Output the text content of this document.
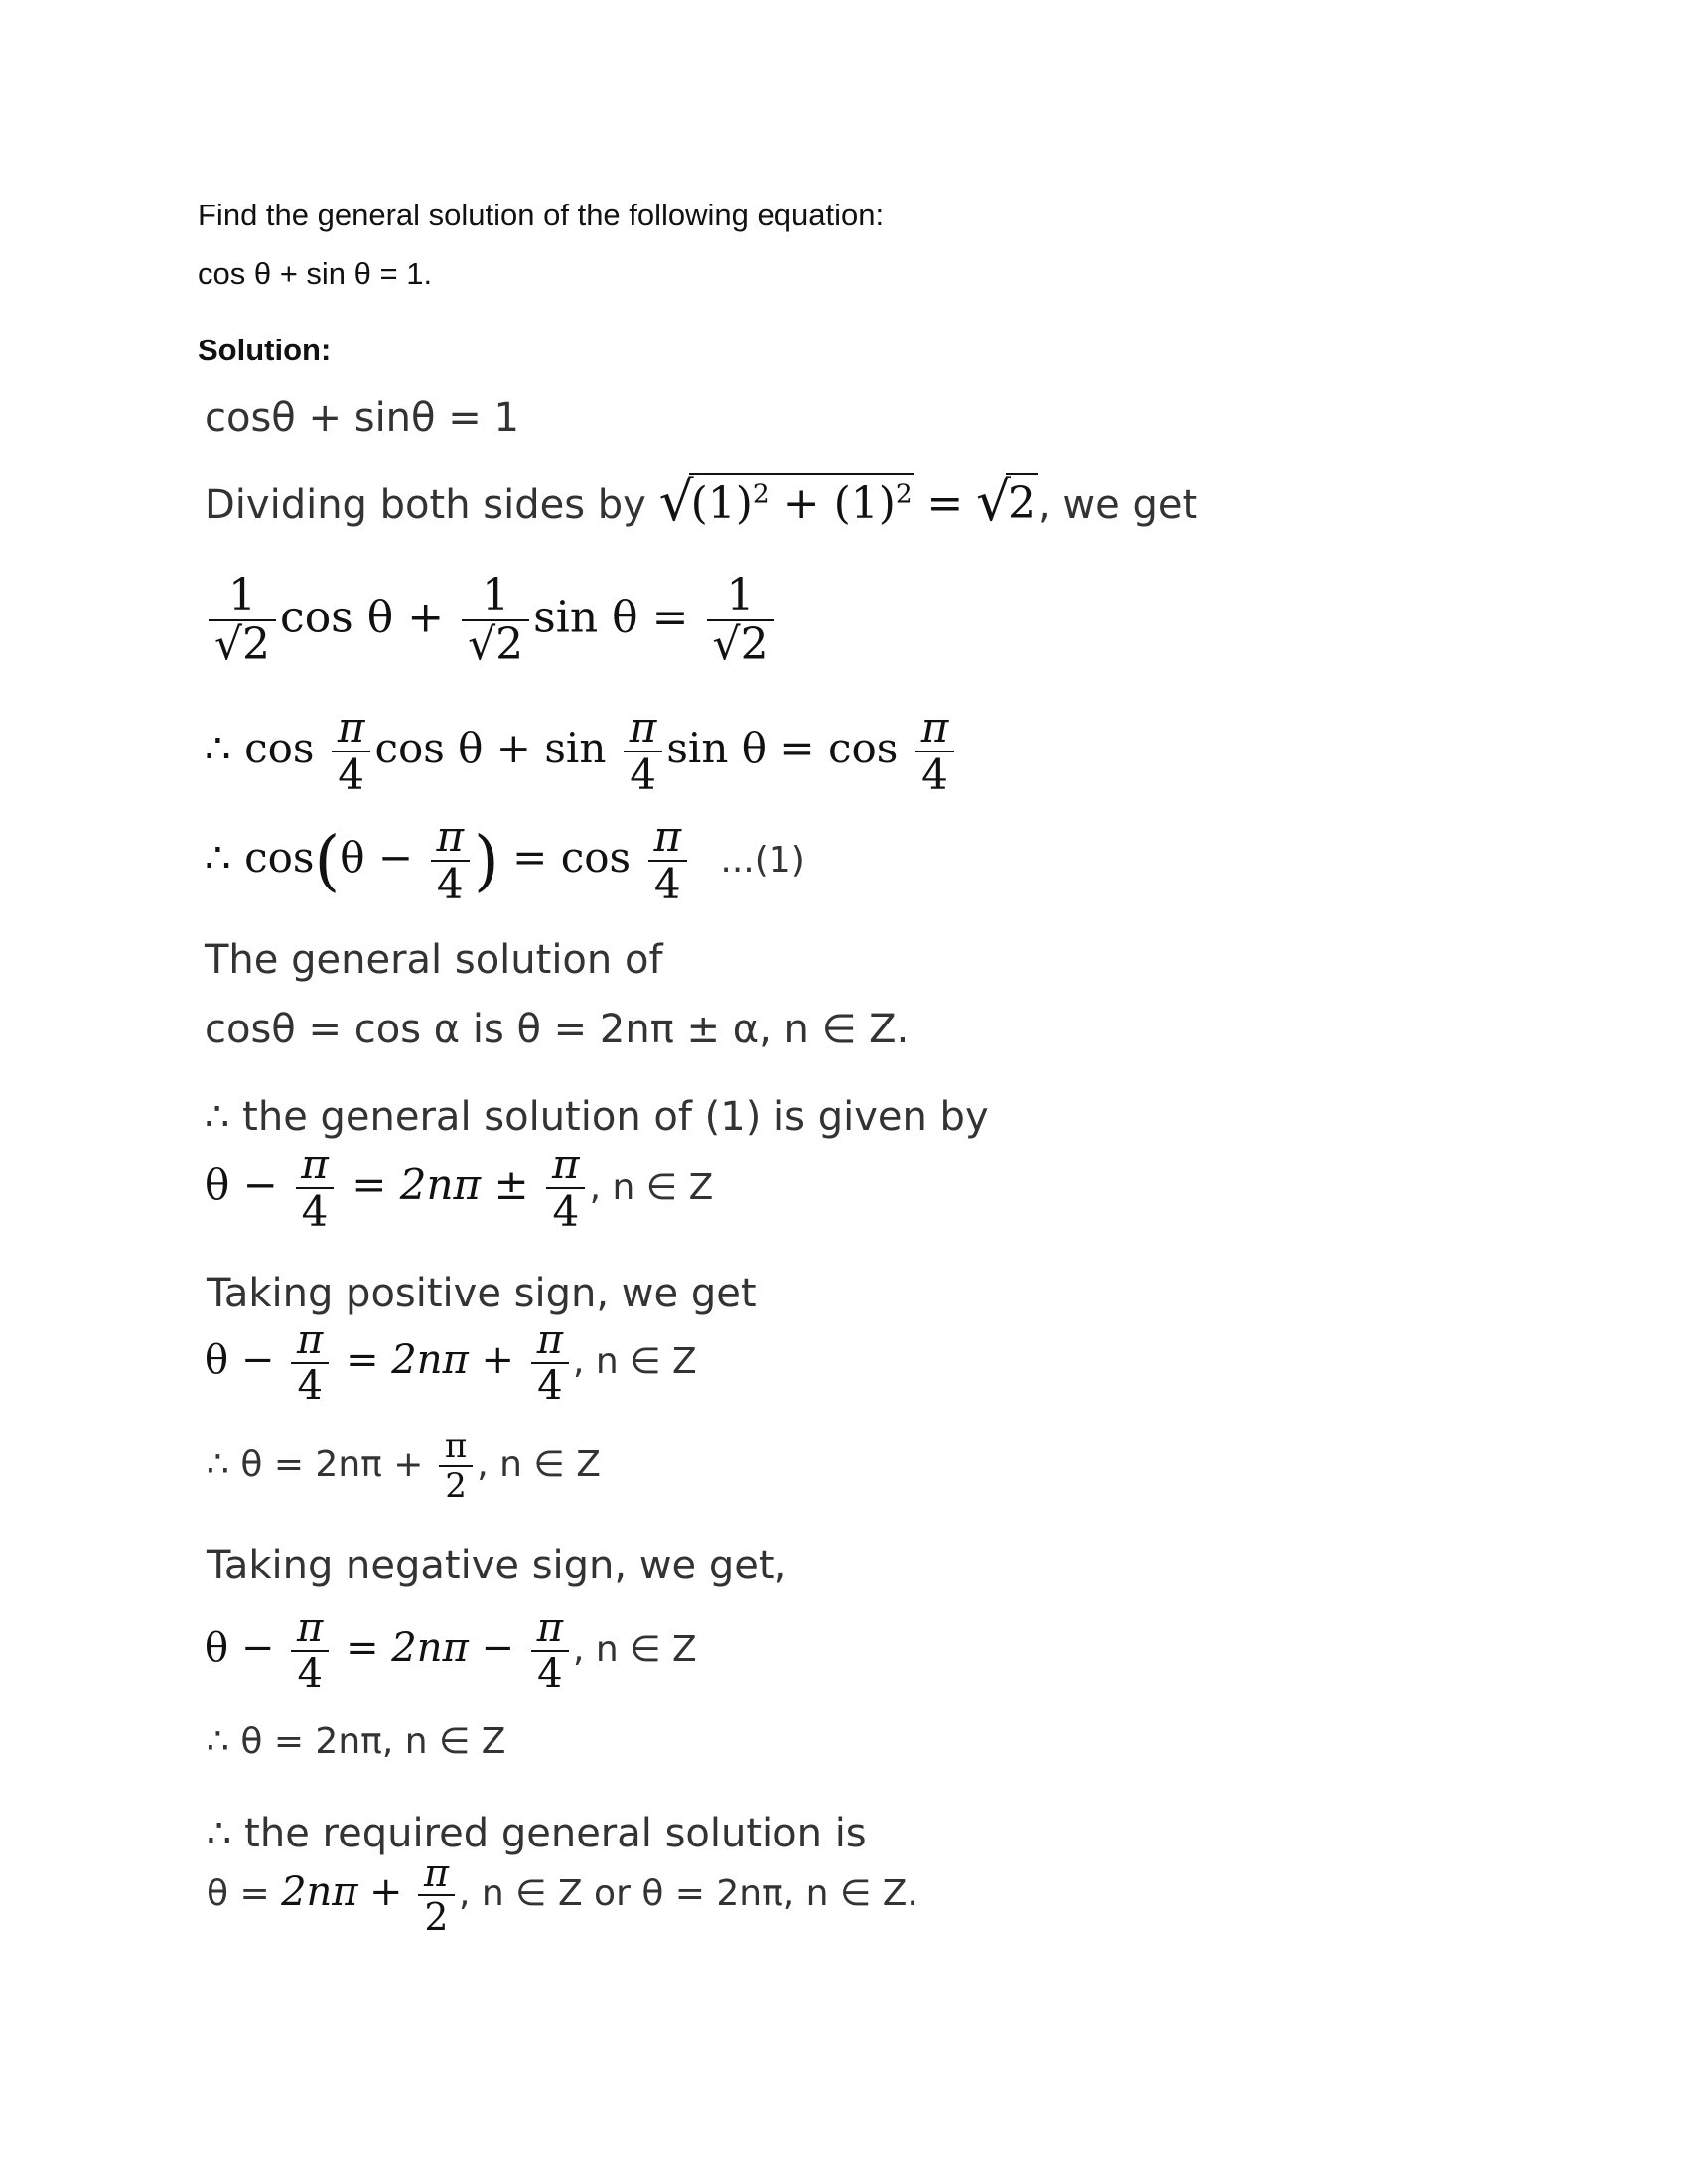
Find the general solution of the following equation:
cos θ + sin θ = 1.
Solution:
cosθ + sinθ = 1
Dividing both sides by √
$(1)^2 + (1)^2$ = √
2, we get
$\frac{1}{√2}$ $\cos \theta + \frac{1}{√2}$ $\sin \theta = \frac{1}{√2}$
∴ $\cos \frac{\pi}{4}$ $\cos \theta + \sin \frac{\pi}{4}$ $\sin \theta = \cos \frac{\pi}{4}$
∴ $\cos(\theta - \frac{\pi}{4}$ ) = $\cos \frac{\pi}{4} ...(1)$
The general solution of
cosθ = cos α is θ = 2nπ ± α, n ∈ Z.
∴ the general solution of (1) is given by
$\theta - \frac{\pi}{4} = 2n\pi \pm \frac{\pi}{4}$ , n ∈ Z
Taking positive sign, we get
$\theta - \frac{\pi}{4} = 2n\pi + \frac{\pi}{4}$ , n ∈ Z
∴ $\theta = 2n\pi + \frac{\pi}{2}$ , n ∈ Z
Taking negative sign, we get,
$\theta - \frac{\pi}{4} = 2n\pi - \frac{\pi}{4}$ , n ∈ Z
∴ θ = 2nπ, n ∈ Z
∴ the required general solution is
$\theta = 2n\pi + \frac{\pi}{2}$ , n ∈ Z or θ = 2nπ, n ∈ Z.
